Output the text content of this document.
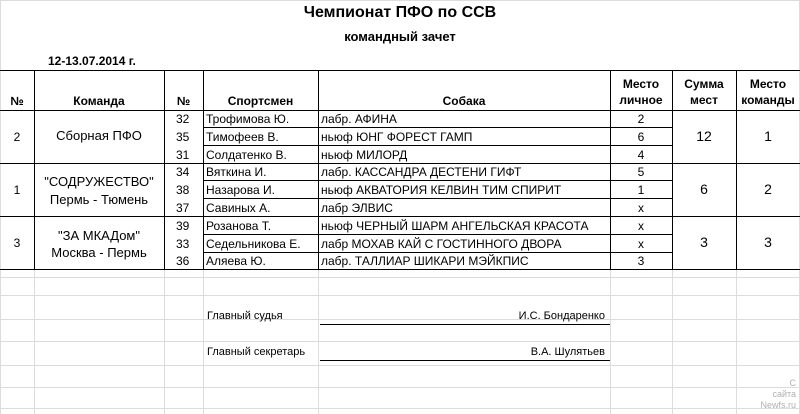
Чемпионат ПФО по ССВ
командный зачет
12-13.07.2014 г.
№	Команда	№	Спортсмен	Собака
Место
личное
Сумма
мест
Место
команды
2	Сборная ПФО	12	1
32	Трофимова Ю.	лабр. АФИНА	2
35 Тимофеев В.	ньюф ЮНГ ФОРЕСТ ГАМП	6
31 Солдатенко В.	ньюф МИЛОРД	4
1
"СОДРУЖЕСТВО"
Пермь - Тюмень
6	2
34 Вяткина И.	лабр. КАССАНДРА ДЕСТЕНИ ГИФТ	5
38 Назарова И.	ньюф АКВАТОРИЯ КЕЛВИН ТИМ СПИРИТ	1
37 Савиных А.	лабр ЭЛВИС	х
3	"ЗА МКАДом"
Москва - Пермь
3	3
39 Розанова Т.	ньюф ЧЕРНЫЙ ШАРМ АНГЕЛЬСКАЯ КРАСОТА	х
33 Седельникова Е. лабр МОХАВ КАЙ С ГОСТИННОГО ДВОРА	х
36 Аляева Ю.	лабр. ТАЛЛИАР ШИКАРИ МЭЙКПИС	3
Главный судья	И.С. Бондаренко
Главный секретарь	В.А. Шулятьев
С
сайта
Newfs.ru
